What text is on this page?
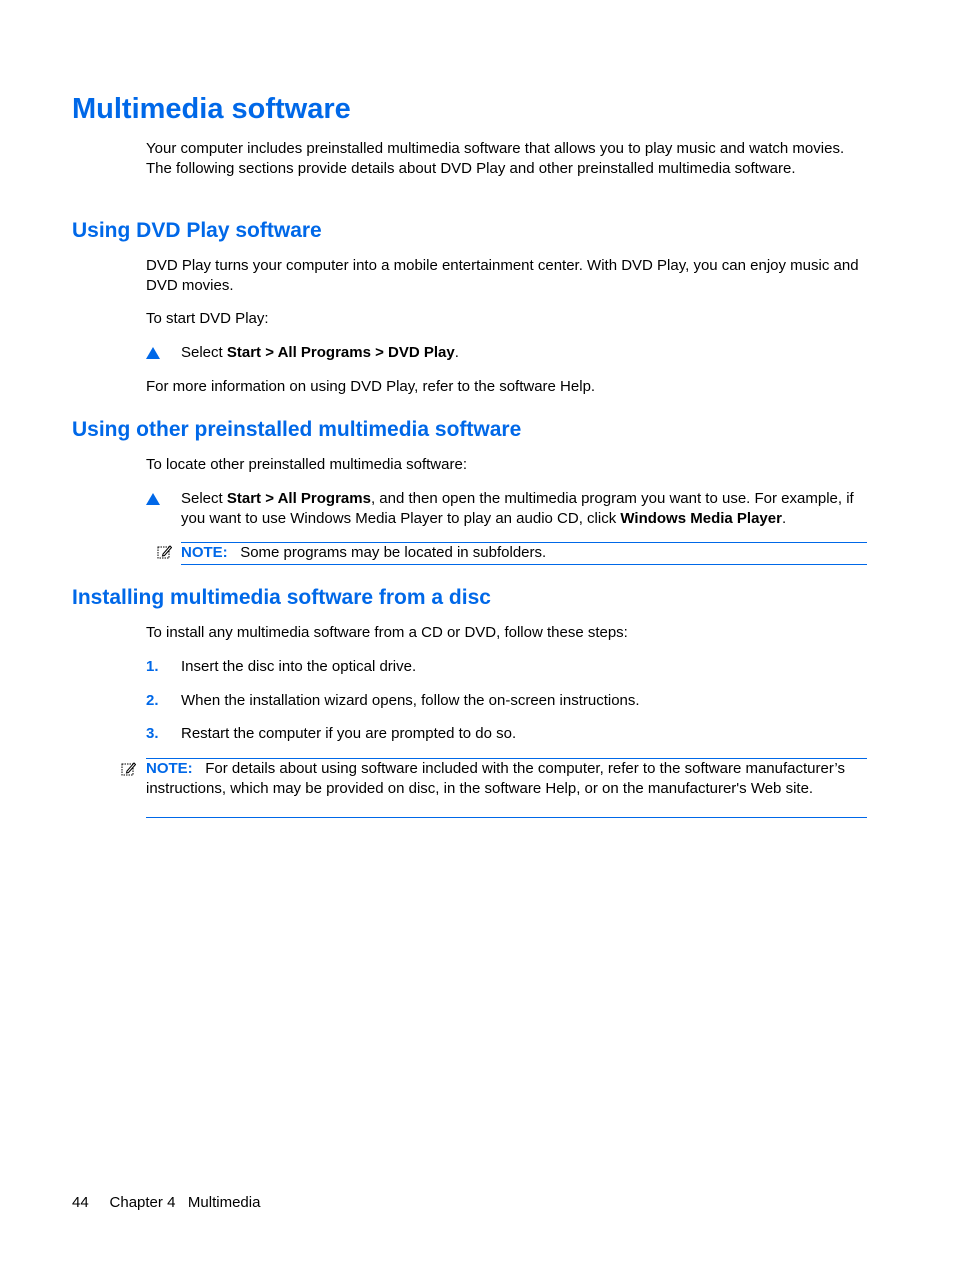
Multimedia software

Your computer includes preinstalled multimedia software that allows you to play music and watch movies. The following sections provide details about DVD Play and other preinstalled multimedia software.

Using DVD Play software

DVD Play turns your computer into a mobile entertainment center. With DVD Play, you can enjoy music and DVD movies.

To start DVD Play:

Select Start > All Programs > DVD Play.

For more information on using DVD Play, refer to the software Help.

Using other preinstalled multimedia software

To locate other preinstalled multimedia software:

Select Start > All Programs, and then open the multimedia program you want to use. For example, if you want to use Windows Media Player to play an audio CD, click Windows Media Player.
NOTE: Some programs may be located in subfolders.
Installing multimedia software from a disc

To install any multimedia software from a CD or DVD, follow these steps:

1. Insert the disc into the optical drive.
2. When the installation wizard opens, follow the on-screen instructions.
3. Restart the computer if you are prompted to do so.
NOTE: For details about using software included with the computer, refer to the software manufacturer’s instructions, which may be provided on disc, in the software Help, or on the manufacturer's Web site.
44 Chapter 4 Multimedia
